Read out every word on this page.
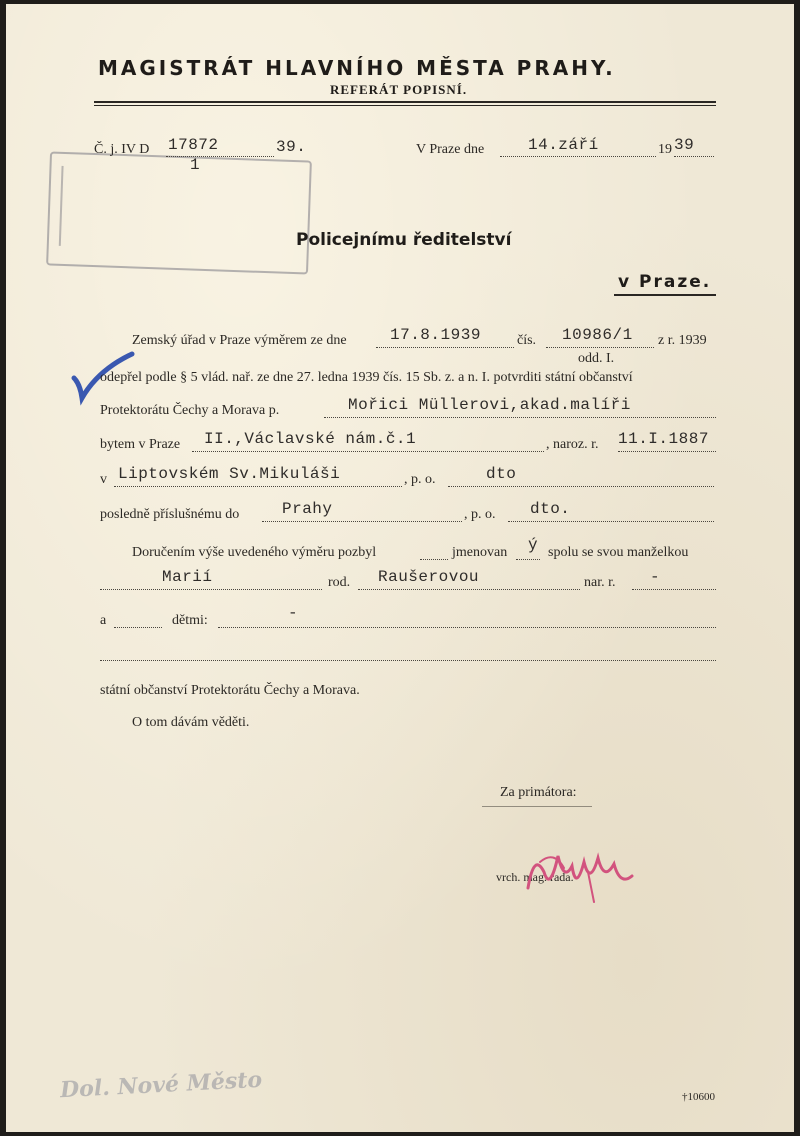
MAGISTRÁT HLAVNÍHO MĚSTA PRAHY.
REFERÁT POPISNÍ.
Č. j. IV D 17872
1
39.	V Praze dne	14.září	19 39
Policejnímu ředitelství
v Praze.
Zemský úřad v Praze výměrem ze dne	17.8.1939	čís. 10986/1 z r. 1939
odd. I.
odepřel podle § 5 vlád. nař. ze dne 27. ledna 1939 čís. 15 Sb. z. a n. I. potvrditi státní občanství
Protektorátu Čechy a Morava p.	Mořici Müllerovi,akad.malíři
bytem v Praze II.,Václavské nám.č.1	, naroz. r. 11.I.1887
v Liptovském Sv.Mikuláši	, p. o.	dto
posledně příslušnému do	Prahy	, p. o. dto.
Doručením výše uvedeného výměru pozbyl	jmenovan ý spolu se svou manželkou
Marií	rod. Raušerovou	nar. r. -
a	dětmi:	-
státní občanství Protektorátu Čechy a Morava.
O tom dávám věděti.
Za primátora:
vrch. mag. rada.
Dol. Nové Město	†10600
